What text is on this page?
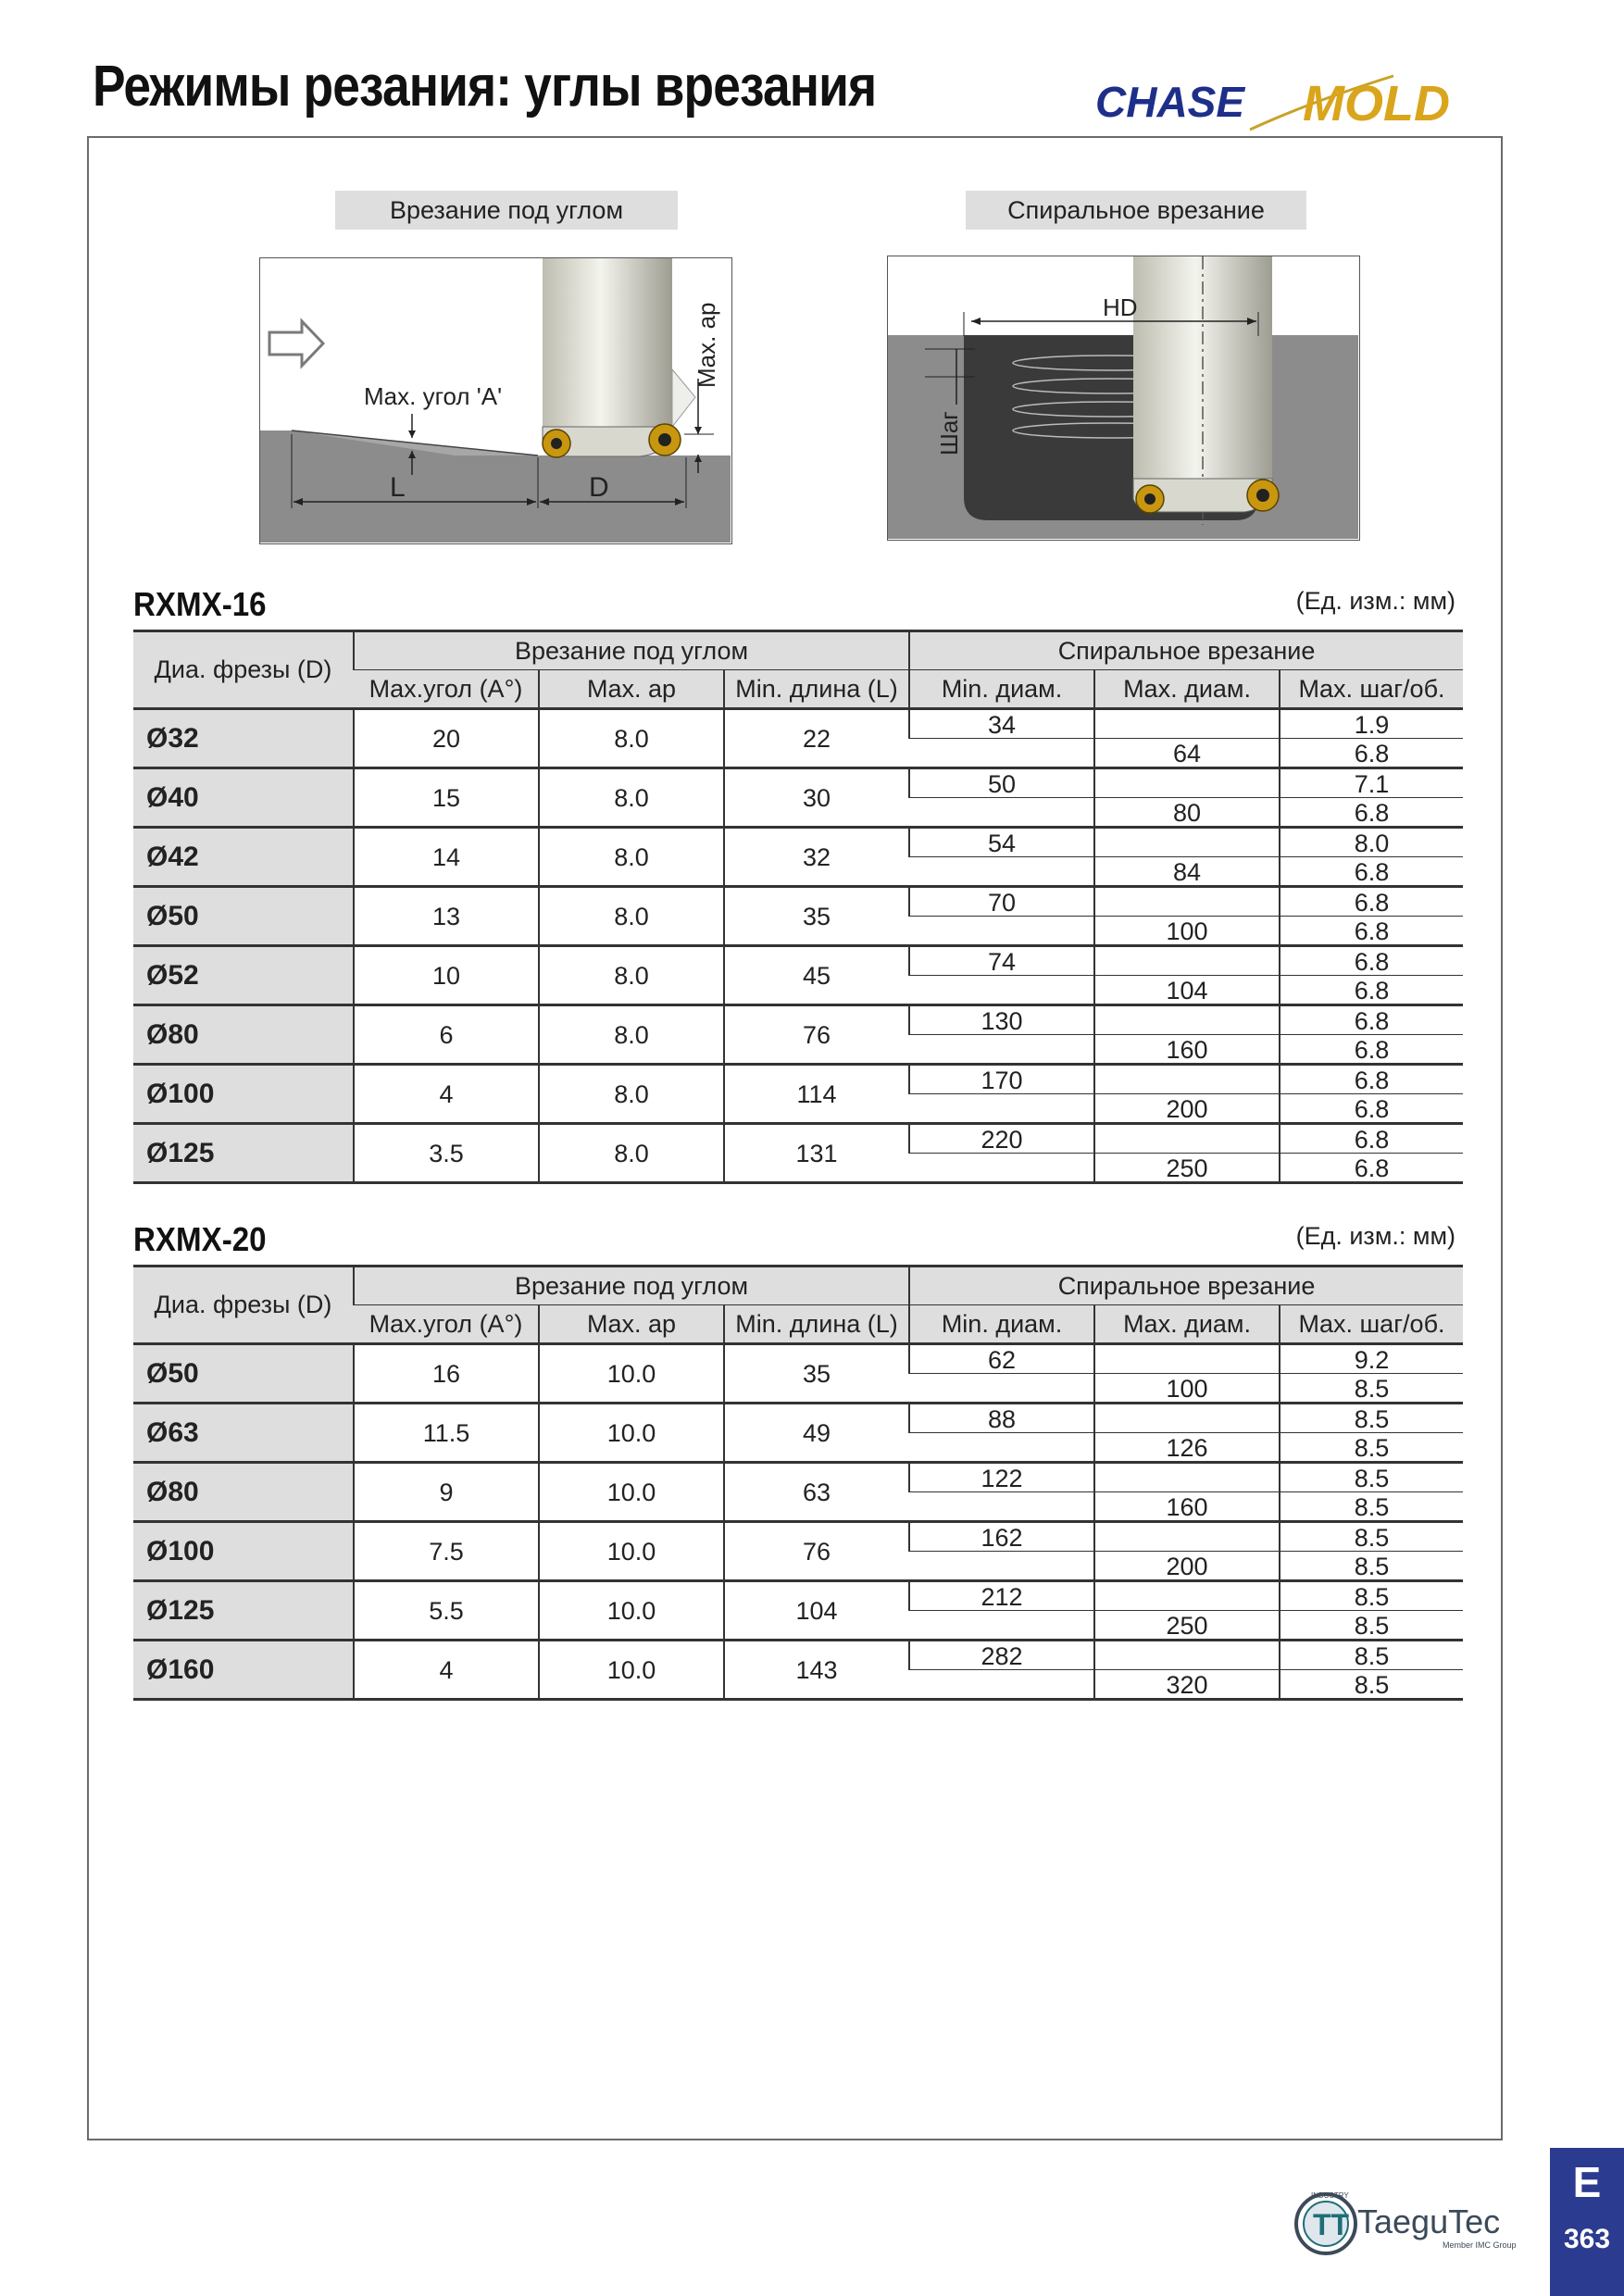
Режимы резания: углы врезания	CHASE MOLD
Врезание под углом
Max. угол 'A'
Max. ap
L	D
Спиральное врезание
HD
Шаг
RXMX-16	(Ед. изм.: мм)
Диа. фрезы (D)	Врезание под углом			Спиральное врезание		
	Max.угол (A°)	Max. ap	Min. длина (L)	Min. диам.	Max. диам.	Max. шаг/об.
Ø32	20	8.0	22	34		1.9
					64	6.8
Ø40	15	8.0	30	50		7.1
					80	6.8
Ø42	14	8.0	32	54		8.0
					84	6.8
Ø50	13	8.0	35	70		6.8
					100	6.8
Ø52	10	8.0	45	74		6.8
					104	6.8
Ø80	6	8.0	76	130		6.8
					160	6.8
Ø100	4	8.0	114	170		6.8
					200	6.8
Ø125	3.5	8.0	131	220		6.8
					250	6.8
RXMX-20	(Ед. изм.: мм)
Диа. фрезы (D)	Врезание под углом			Спиральное врезание		
	Max.угол (A°)	Max. ap	Min. длина (L)	Min. диам.	Max. диам.	Max. шаг/об.
Ø50	16	10.0	35	62		9.2
					100	8.5
Ø63	11.5	10.0	49	88		8.5
					126	8.5
Ø80	9	10.0	63	122		8.5
					160	8.5
Ø100	7.5	10.0	76	162		8.5
					200	8.5
Ø125	5.5	10.0	104	212		8.5
					250	8.5
Ø160	4	10.0	143	282		8.5
					320	8.5
TT
INDUSTRY
TaeguTec
Member IMC Group
E
363
